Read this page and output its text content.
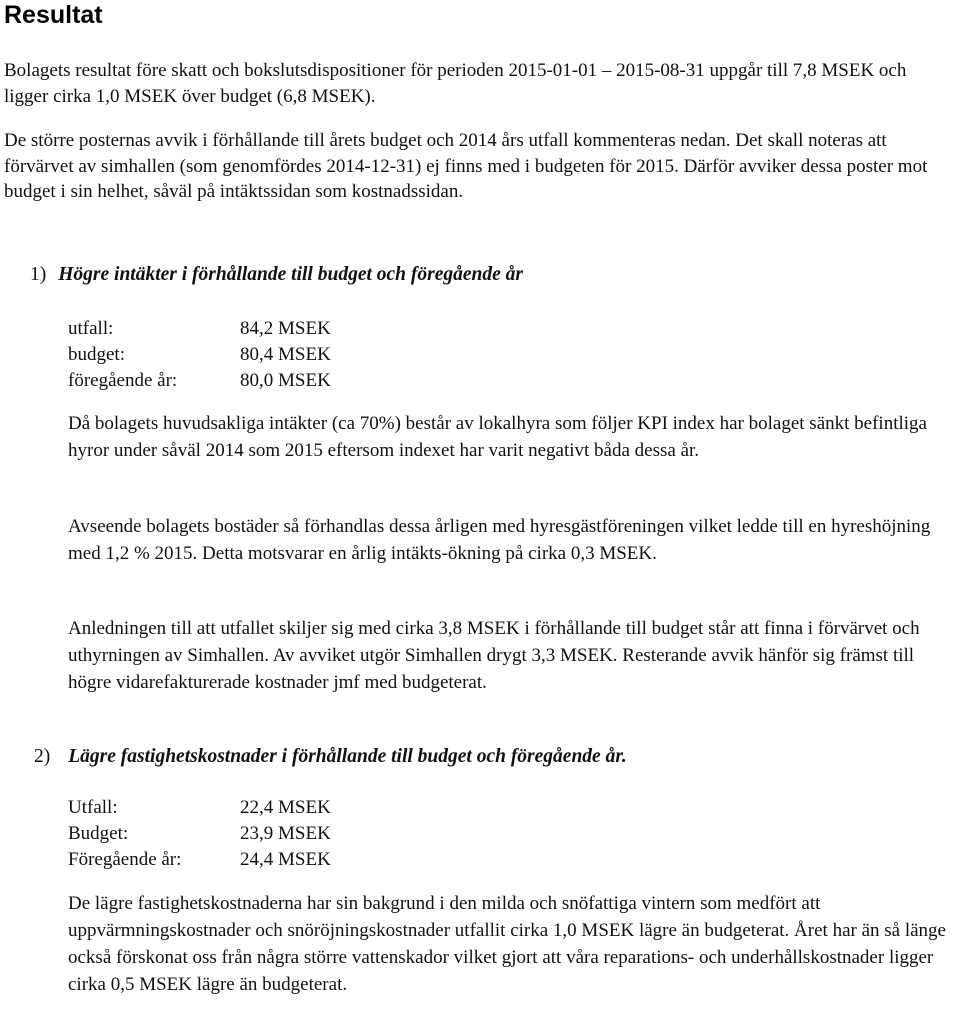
Resultat

Bolagets resultat före skatt och bokslutsdispositioner för perioden 2015-01-01 – 2015-08-31 uppgår till 7,8 MSEK och ligger cirka 1,0 MSEK över budget (6,8 MSEK).

De större posternas avvik i förhållande till årets budget och 2014 års utfall kommenteras nedan. Det skall noteras att förvärvet av simhallen (som genomfördes 2014-12-31) ej finns med i budgeten för 2015. Därför avviker dessa poster mot budget i sin helhet, såväl på intäktssidan som kostnadssidan.

1) Högre intäkter i förhållande till budget och föregående år
utfall:	84,2 MSEK
budget:	80,4 MSEK
föregående år:	80,0 MSEK

Då bolagets huvudsakliga intäkter (ca 70%) består av lokalhyra som följer KPI index har bolaget sänkt befintliga hyror under såväl 2014 som 2015 eftersom indexet har varit negativt båda dessa år.

Avseende bolagets bostäder så förhandlas dessa årligen med hyresgästföreningen vilket ledde till en hyreshöjning med 1,2 % 2015. Detta motsvarar en årlig intäkts-ökning på cirka 0,3 MSEK.

Anledningen till att utfallet skiljer sig med cirka 3,8 MSEK i förhållande till budget står att finna i förvärvet och uthyrningen av Simhallen. Av avviket utgör Simhallen drygt 3,3 MSEK. Resterande avvik hänför sig främst till högre vidarefakturerade kostnader jmf med budgeterat.

2) Lägre fastighetskostnader i förhållande till budget och föregående år.
Utfall:	22,4 MSEK
Budget:	23,9 MSEK
Föregående år:	24,4 MSEK

De lägre fastighetskostnaderna har sin bakgrund i den milda och snöfattiga vintern som medfört att uppvärmningskostnader och snöröjningskostnader utfallit cirka 1,0 MSEK lägre än budgeterat. Året har än så länge också förskonat oss från några större vattenskador vilket gjort att våra reparations- och underhållskostnader ligger cirka 0,5 MSEK lägre än budgeterat.
